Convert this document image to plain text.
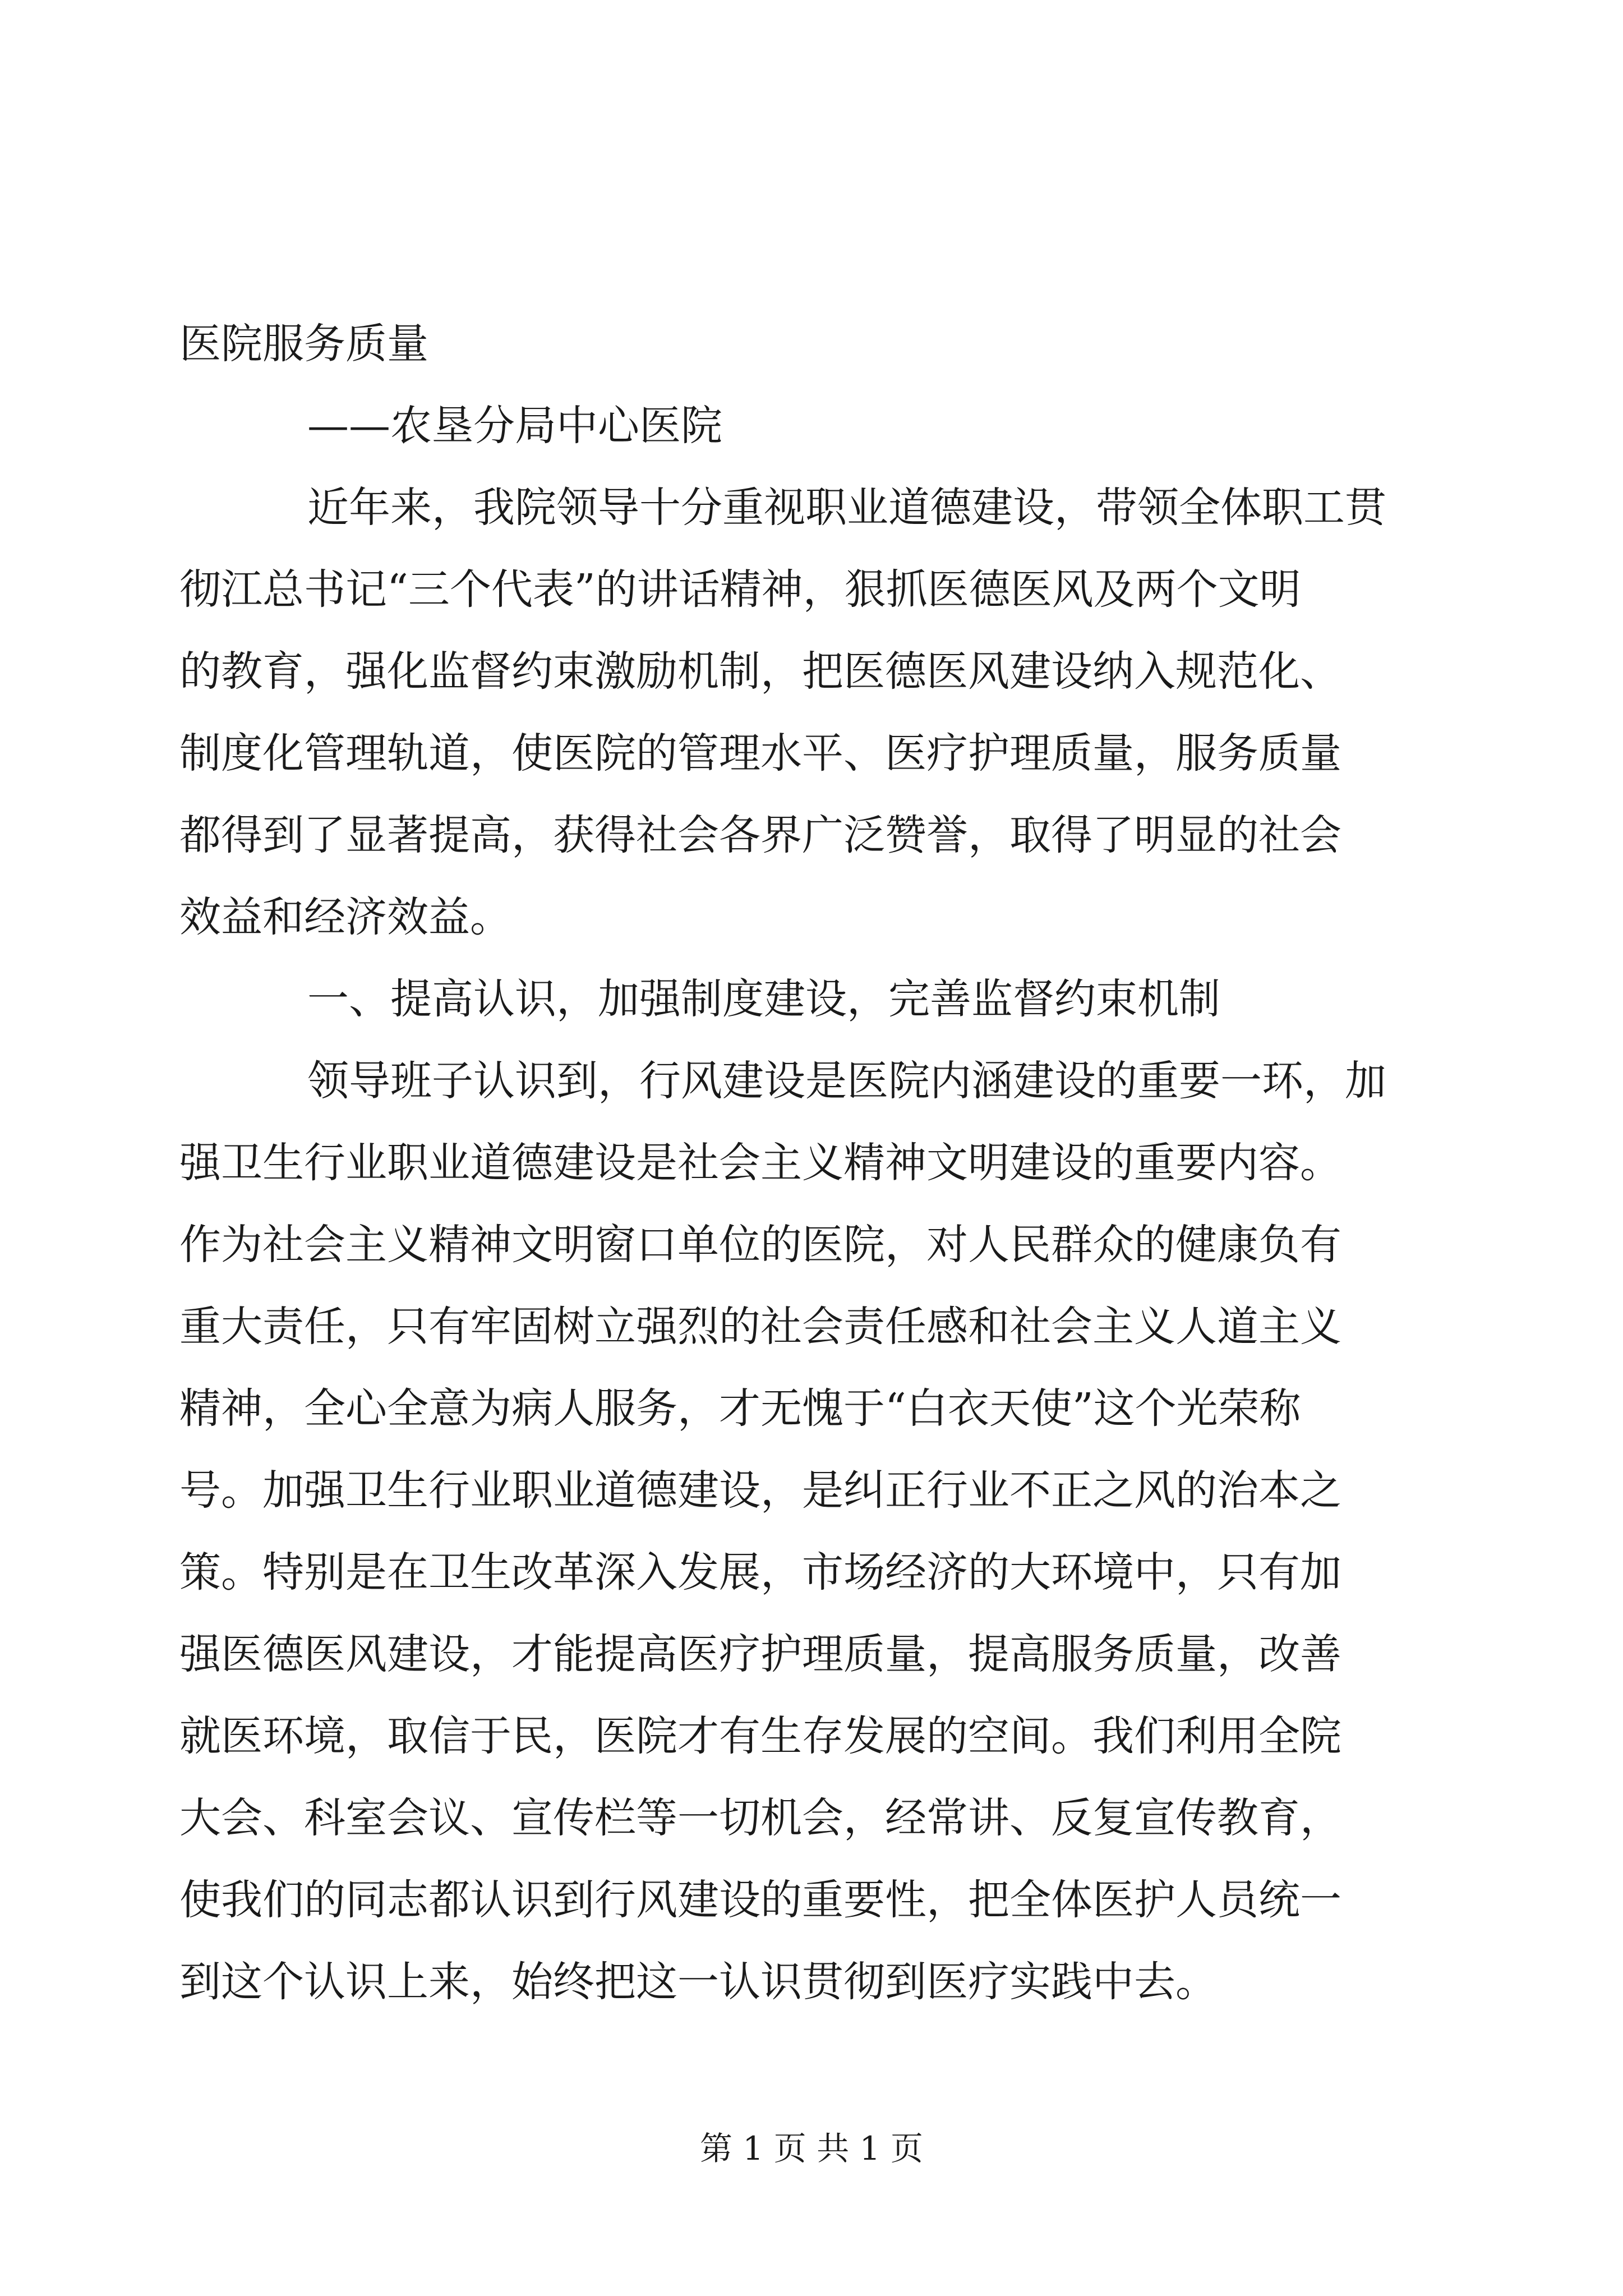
医院服务质量

——农垦分局中心医院

近年来，我院领导十分重视职业道德建设，带领全体职工贯

彻江总书记“三个代表”的讲话精神，狠抓医德医风及两个文明

的教育，强化监督约束激励机制，把医德医风建设纳入规范化、

制度化管理轨道，使医院的管理水平、医疗护理质量，服务质量

都得到了显著提高，获得社会各界广泛赞誉，取得了明显的社会

效益和经济效益。

一、提高认识，加强制度建设，完善监督约束机制

领导班子认识到，行风建设是医院内涵建设的重要一环，加

强卫生行业职业道德建设是社会主义精神文明建设的重要内容。

作为社会主义精神文明窗口单位的医院，对人民群众的健康负有

重大责任，只有牢固树立强烈的社会责任感和社会主义人道主义

精神，全心全意为病人服务，才无愧于“白衣天使”这个光荣称

号。加强卫生行业职业道德建设，是纠正行业不正之风的治本之

策。特别是在卫生改革深入发展，市场经济的大环境中，只有加

强医德医风建设，才能提高医疗护理质量，提高服务质量，改善

就医环境，取信于民，医院才有生存发展的空间。我们利用全院

大会、科室会议、宣传栏等一切机会，经常讲、反复宣传教育，

使我们的同志都认识到行风建设的重要性，把全体医护人员统一

到这个认识上来，始终把这一认识贯彻到医疗实践中去。

第 1 页 共 1 页
